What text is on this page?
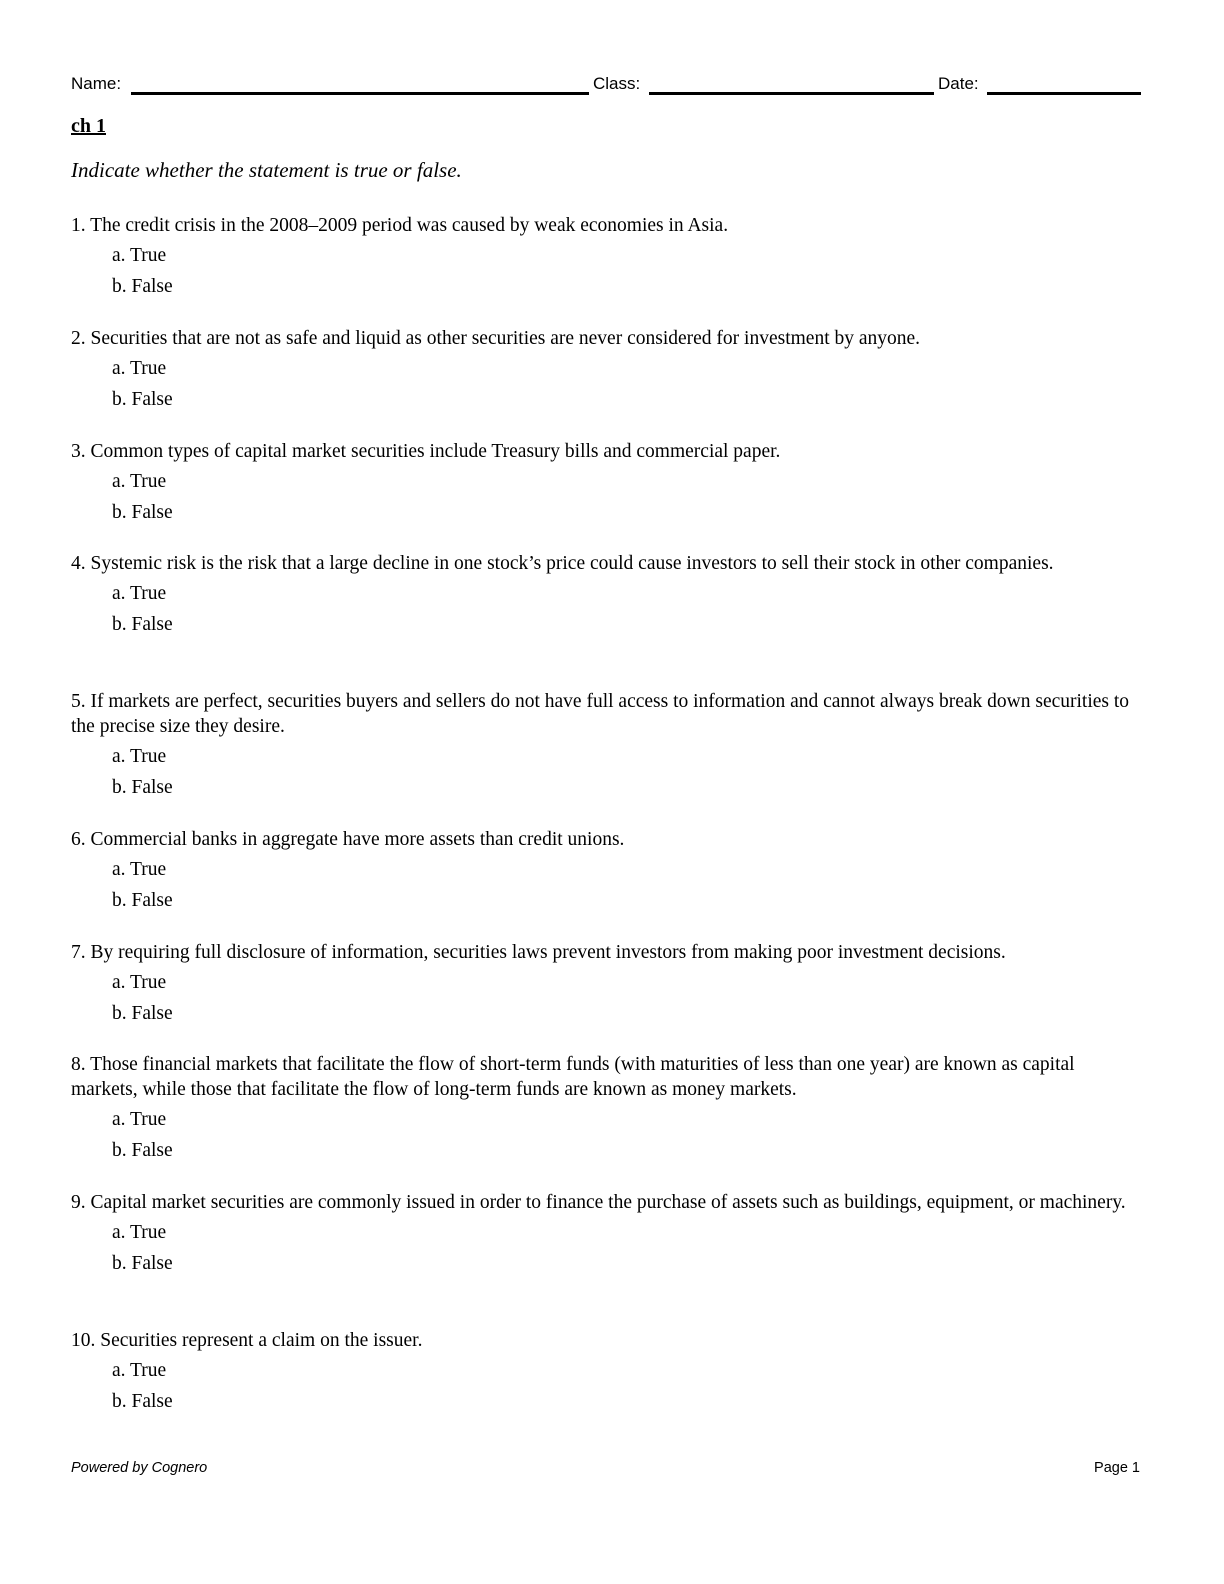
Name:	Class:	Date:
ch 1

Indicate whether the statement is true or false.

1. The credit crisis in the 2008–2009 period was caused by weak economies in Asia.

a. True
b. False

2. Securities that are not as safe and liquid as other securities are never considered for investment by anyone.

a. True
b. False

3. Common types of capital market securities include Treasury bills and commercial paper.

a. True
b. False

4. Systemic risk is the risk that a large decline in one stock’s price could cause investors to sell their stock in other companies.

a. True
b. False

5. If markets are perfect, securities buyers and sellers do not have full access to information and cannot always break down securities to the precise size they desire.

a. True
b. False

6. Commercial banks in aggregate have more assets than credit unions.

a. True
b. False

7. By requiring full disclosure of information, securities laws prevent investors from making poor investment decisions.

a. True
b. False

8. Those financial markets that facilitate the flow of short-term funds (with maturities of less than one year) are known as capital markets, while those that facilitate the flow of long-term funds are known as money markets.

a. True
b. False

9. Capital market securities are commonly issued in order to finance the purchase of assets such as buildings, equipment, or machinery.

a. True
b. False

10. Securities represent a claim on the issuer.

a. True
b. False
Powered by Cognero	Page 1
